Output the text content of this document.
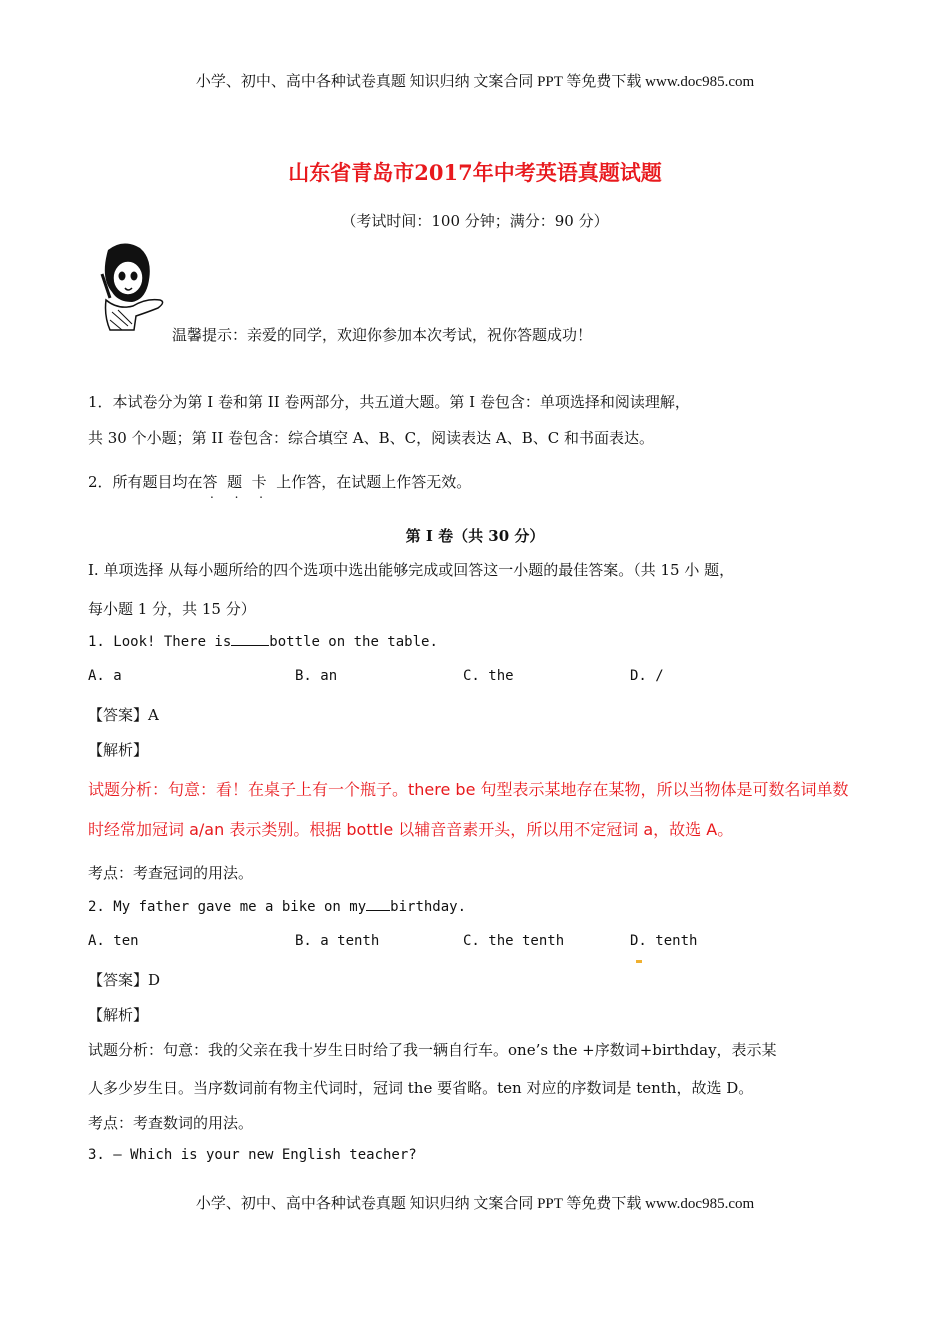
小学、初中、高中各种试卷真题 知识归纳 文案合同 PPT 等免费下载 www.doc985.com
山东省青岛市2017年中考英语真题试题
（考试时间：100 分钟；满分：90 分）
温馨提示：亲爱的同学，欢迎你参加本次考试，祝你答题成功！
1．本试卷分为第 I 卷和第 II 卷两部分，共五道大题。第 I 卷包含：单项选择和阅读理解，
共 30 个小题；第 II 卷包含：综合填空 A、B、C，阅读表达 A、B、C 和书面表达。
2．所有题目均在答 题 卡 上作答，在试题上作答无效。
第 I 卷（共 30 分）
I. 单项选择 从每小题所给的四个选项中选出能够完成或回答这一小题的最佳答案。（共 15 小 题，
每小题 1 分，共 15 分）
1. Look! There is	bottle on the table.
A. a	B. an	C. the	D. /
【答案】A
【解析】
试题分析：句意：看！在桌子上有一个瓶子。there be 句型表示某地存在某物，所以当物体是可数名词单数
时经常加冠词 a/an 表示类别。根据 bottle 以辅音音素开头，所以用不定冠词 a，故选 A。
考点：考查冠词的用法。
2. My father gave me a bike on my birthday.
A. ten	B. a tenth	C. the tenth	D. tenth
【答案】D
【解析】
试题分析：句意：我的父亲在我十岁生日时给了我一辆自行车。one’s the +序数词+birthday，表示某
人多少岁生日。当序数词前有物主代词时，冠词 the 要省略。ten 对应的序数词是 tenth，故选 D。
考点：考查数词的用法。
3. — Which is your new English teacher?
小学、初中、高中各种试卷真题 知识归纳 文案合同 PPT 等免费下载 www.doc985.com
